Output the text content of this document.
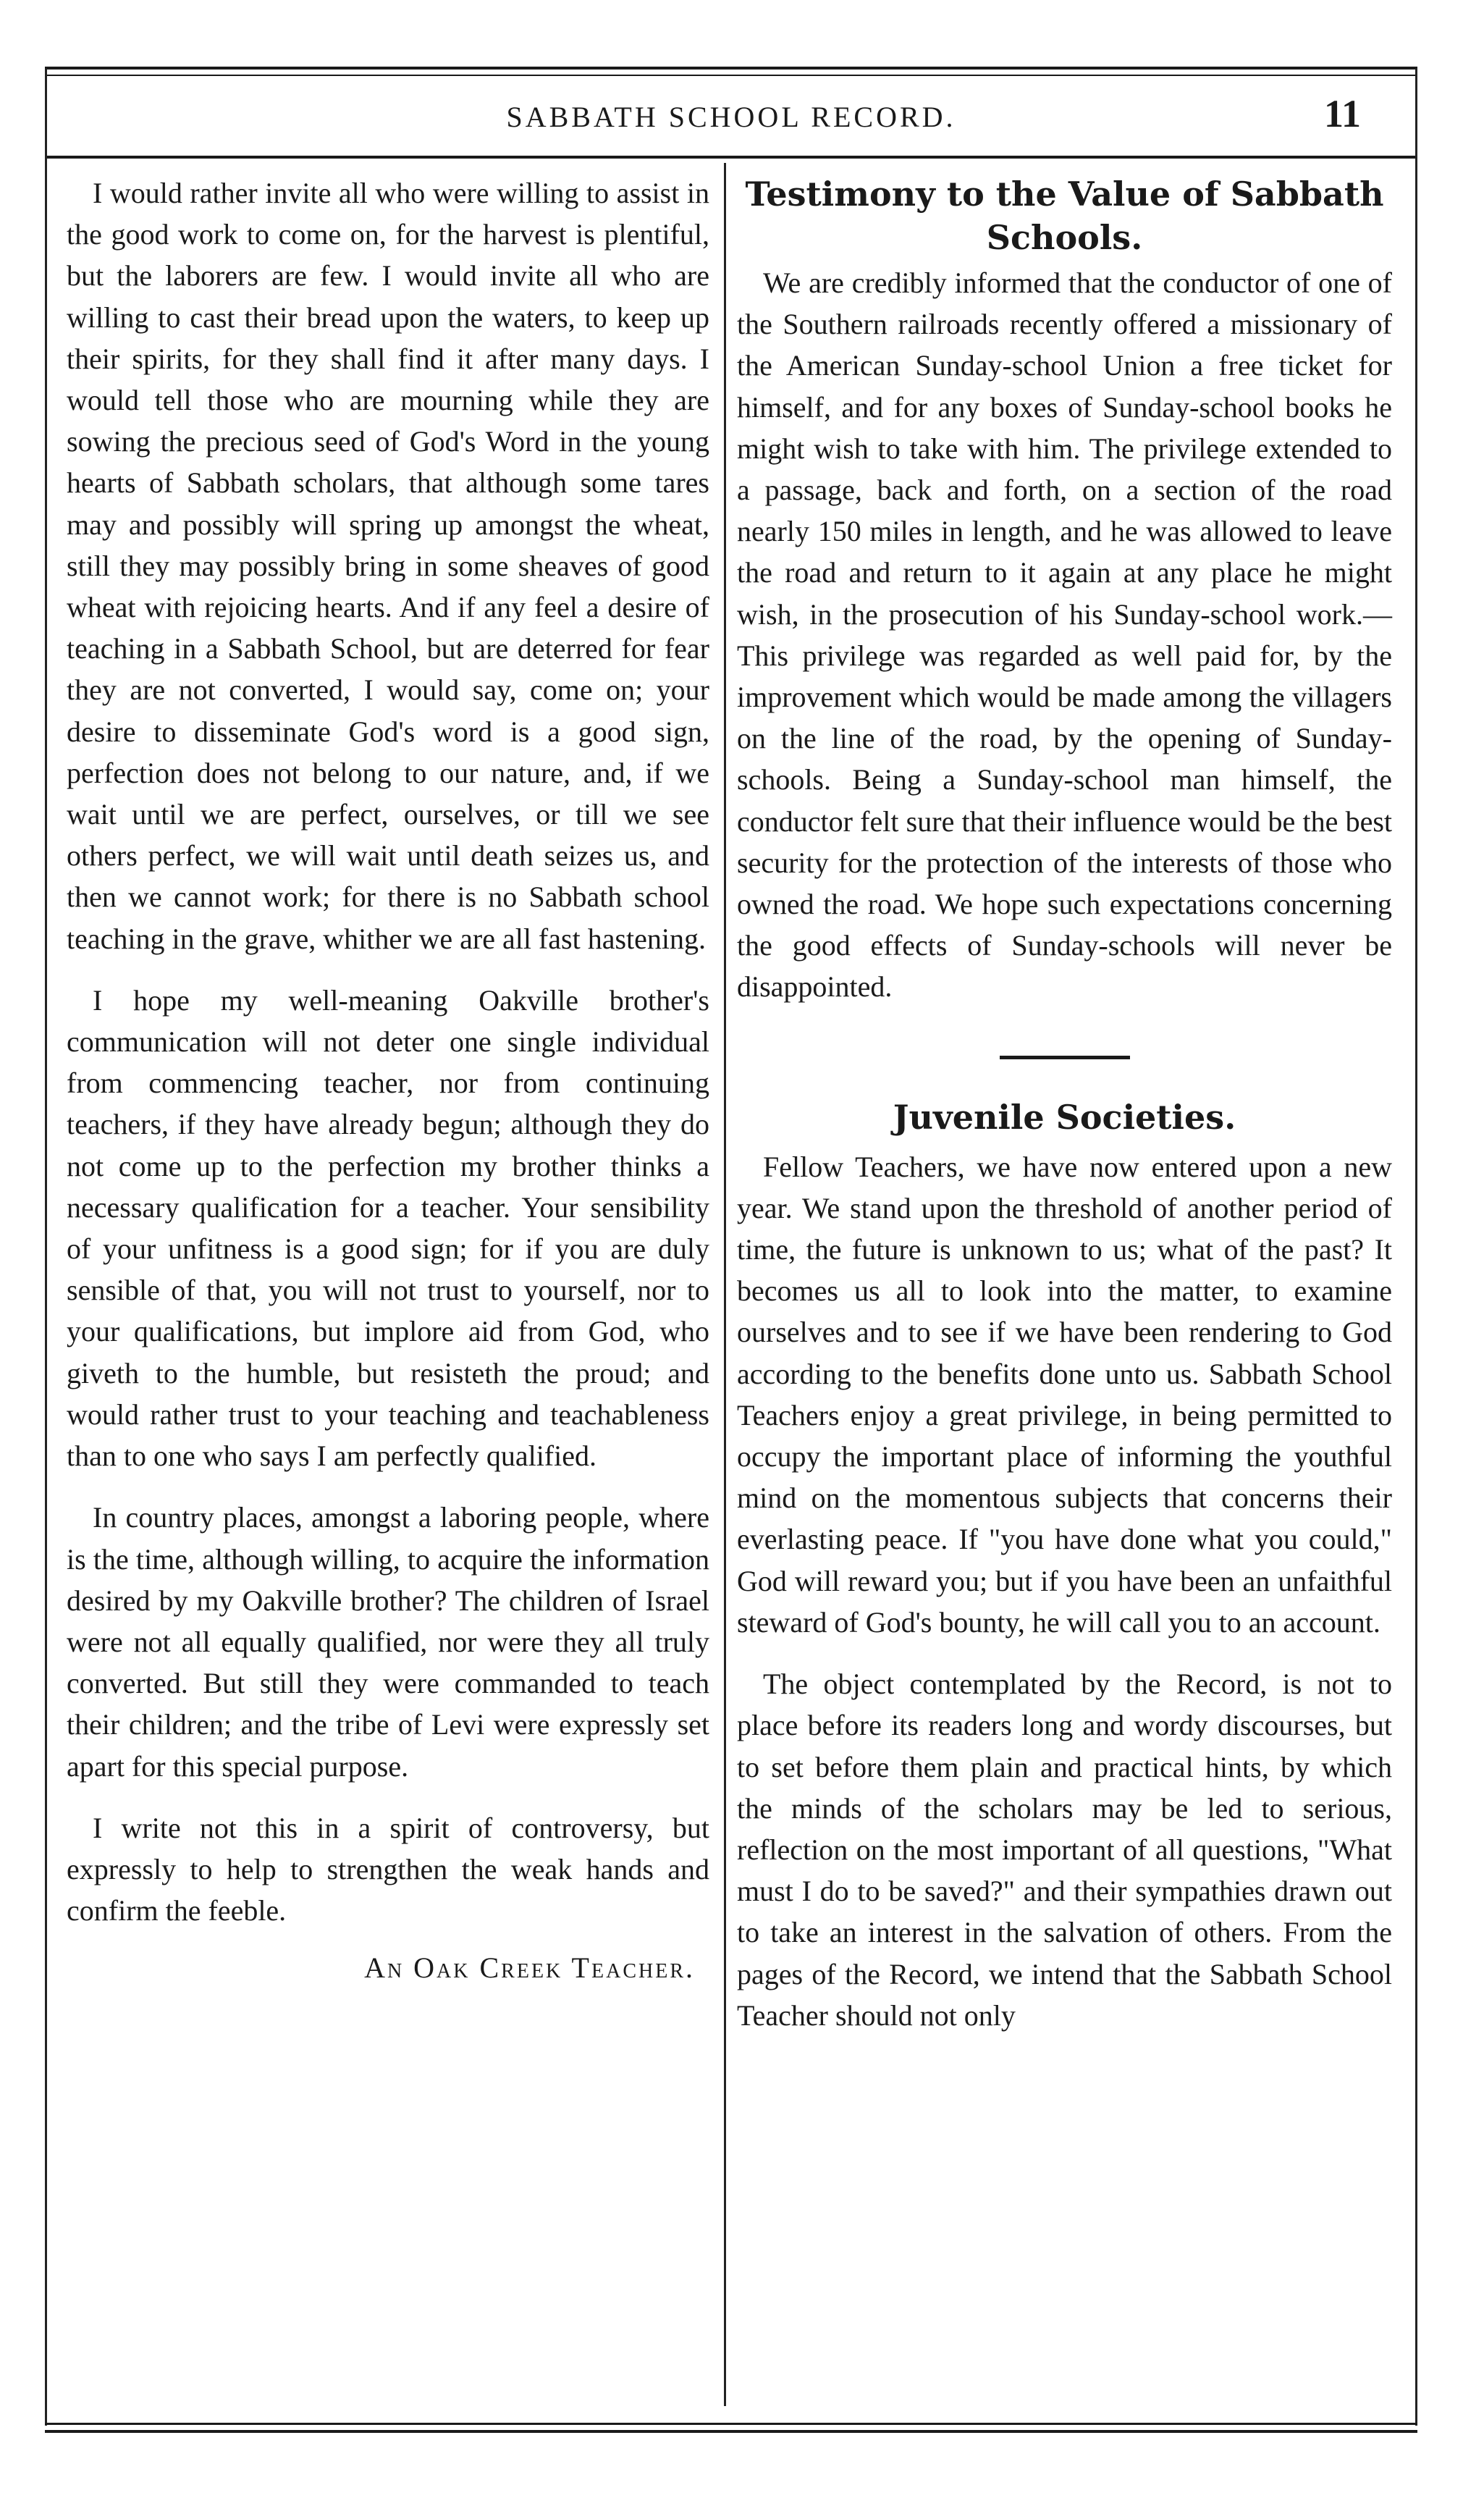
SABBATH SCHOOL RECORD.	11

I would rather invite all who were willing to assist in the good work to come on, for the harvest is plentiful, but the laborers are few. I would invite all who are willing to cast their bread upon the waters, to keep up their spirits, for they shall find it after many days. I would tell those who are mourning while they are sowing the precious seed of God's Word in the young hearts of Sabbath scholars, that although some tares may and possibly will spring up amongst the wheat, still they may possibly bring in some sheaves of good wheat with rejoicing hearts. And if any feel a desire of teaching in a Sabbath School, but are deterred for fear they are not converted, I would say, come on; your desire to disseminate God's word is a good sign, perfection does not belong to our nature, and, if we wait until we are perfect, ourselves, or till we see others perfect, we will wait until death seizes us, and then we cannot work; for there is no Sabbath school teaching in the grave, whither we are all fast hastening.

I hope my well-meaning Oakville brother's communication will not deter one single individual from commencing teacher, nor from continuing teachers, if they have already begun; although they do not come up to the perfection my brother thinks a necessary qualification for a teacher. Your sensibility of your unfitness is a good sign; for if you are duly sensible of that, you will not trust to yourself, nor to your qualifications, but implore aid from God, who giveth to the humble, but resisteth the proud; and would rather trust to your teaching and teachableness than to one who says I am perfectly qualified.

In country places, amongst a laboring people, where is the time, although willing, to acquire the information desired by my Oakville brother? The children of Israel were not all equally qualified, nor were they all truly converted. But still they were commanded to teach their children; and the tribe of Levi were expressly set apart for this special purpose.

I write not this in a spirit of controversy, but expressly to help to strengthen the weak hands and confirm the feeble.

An Oak Creek Teacher.
Testimony to the Value of Sabbath Schools.

We are credibly informed that the conductor of one of the Southern railroads recently offered a missionary of the American Sunday-school Union a free ticket for himself, and for any boxes of Sunday-school books he might wish to take with him. The privilege extended to a passage, back and forth, on a section of the road nearly 150 miles in length, and he was allowed to leave the road and return to it again at any place he might wish, in the prosecution of his Sunday-school work.—This privilege was regarded as well paid for, by the improvement which would be made among the villagers on the line of the road, by the opening of Sunday-schools. Being a Sunday-school man himself, the conductor felt sure that their influence would be the best security for the protection of the interests of those who owned the road. We hope such expectations concerning the good effects of Sunday-schools will never be disappointed.

Juvenile Societies.

Fellow Teachers, we have now entered upon a new year. We stand upon the threshold of another period of time, the future is unknown to us; what of the past? It becomes us all to look into the matter, to examine ourselves and to see if we have been rendering to God according to the benefits done unto us. Sabbath School Teachers enjoy a great privilege, in being permitted to occupy the important place of informing the youthful mind on the momentous subjects that concerns their everlasting peace. If "you have done what you could," God will reward you; but if you have been an unfaithful steward of God's bounty, he will call you to an account.

The object contemplated by the Record, is not to place before its readers long and wordy discourses, but to set before them plain and practical hints, by which the minds of the scholars may be led to serious, reflection on the most important of all questions, "What must I do to be saved?" and their sympathies drawn out to take an interest in the salvation of others. From the pages of the Record, we intend that the Sabbath School Teacher should not only
